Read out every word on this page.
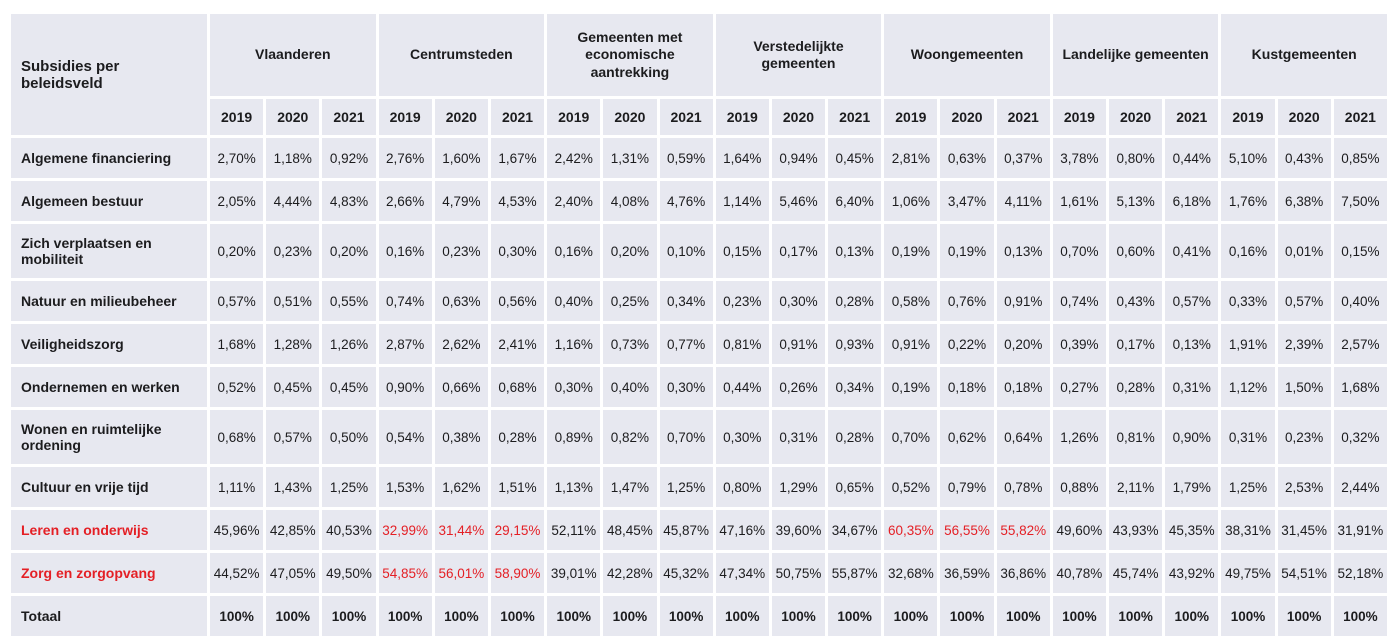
Subsidies per beleidsveld	Vlaanderen			Centrumsteden			Gemeenten met economische aantrekking			Verstedelijkte gemeenten			Woongemeenten			Landelijke gemeenten			Kustgemeenten		
	2019	2020	2021	2019	2020	2021	2019	2020	2021	2019	2020	2021	2019	2020	2021	2019	2020	2021	2019	2020	2021
Algemene financiering	2,70%	1,18%	0,92%	2,76%	1,60%	1,67%	2,42%	1,31%	0,59%	1,64%	0,94%	0,45%	2,81%	0,63%	0,37%	3,78%	0,80%	0,44%	5,10%	0,43%	0,85%
Algemeen bestuur	2,05%	4,44%	4,83%	2,66%	4,79%	4,53%	2,40%	4,08%	4,76%	1,14%	5,46%	6,40%	1,06%	3,47%	4,11%	1,61%	5,13%	6,18%	1,76%	6,38%	7,50%
Zich verplaatsen en mobiliteit	0,20%	0,23%	0,20%	0,16%	0,23%	0,30%	0,16%	0,20%	0,10%	0,15%	0,17%	0,13%	0,19%	0,19%	0,13%	0,70%	0,60%	0,41%	0,16%	0,01%	0,15%
Natuur en milieubeheer	0,57%	0,51%	0,55%	0,74%	0,63%	0,56%	0,40%	0,25%	0,34%	0,23%	0,30%	0,28%	0,58%	0,76%	0,91%	0,74%	0,43%	0,57%	0,33%	0,57%	0,40%
Veiligheidszorg	1,68%	1,28%	1,26%	2,87%	2,62%	2,41%	1,16%	0,73%	0,77%	0,81%	0,91%	0,93%	0,91%	0,22%	0,20%	0,39%	0,17%	0,13%	1,91%	2,39%	2,57%
Ondernemen en werken	0,52%	0,45%	0,45%	0,90%	0,66%	0,68%	0,30%	0,40%	0,30%	0,44%	0,26%	0,34%	0,19%	0,18%	0,18%	0,27%	0,28%	0,31%	1,12%	1,50%	1,68%
Wonen en ruimtelijke ordening	0,68%	0,57%	0,50%	0,54%	0,38%	0,28%	0,89%	0,82%	0,70%	0,30%	0,31%	0,28%	0,70%	0,62%	0,64%	1,26%	0,81%	0,90%	0,31%	0,23%	0,32%
Cultuur en vrije tijd	1,11%	1,43%	1,25%	1,53%	1,62%	1,51%	1,13%	1,47%	1,25%	0,80%	1,29%	0,65%	0,52%	0,79%	0,78%	0,88%	2,11%	1,79%	1,25%	2,53%	2,44%
Leren en onderwijs	45,96%	42,85%	40,53%	32,99%	31,44%	29,15%	52,11%	48,45%	45,87%	47,16%	39,60%	34,67%	60,35%	56,55%	55,82%	49,60%	43,93%	45,35%	38,31%	31,45%	31,91%
Zorg en zorgopvang	44,52%	47,05%	49,50%	54,85%	56,01%	58,90%	39,01%	42,28%	45,32%	47,34%	50,75%	55,87%	32,68%	36,59%	36,86%	40,78%	45,74%	43,92%	49,75%	54,51%	52,18%
Totaal	100%	100%	100%	100%	100%	100%	100%	100%	100%	100%	100%	100%	100%	100%	100%	100%	100%	100%	100%	100%	100%
